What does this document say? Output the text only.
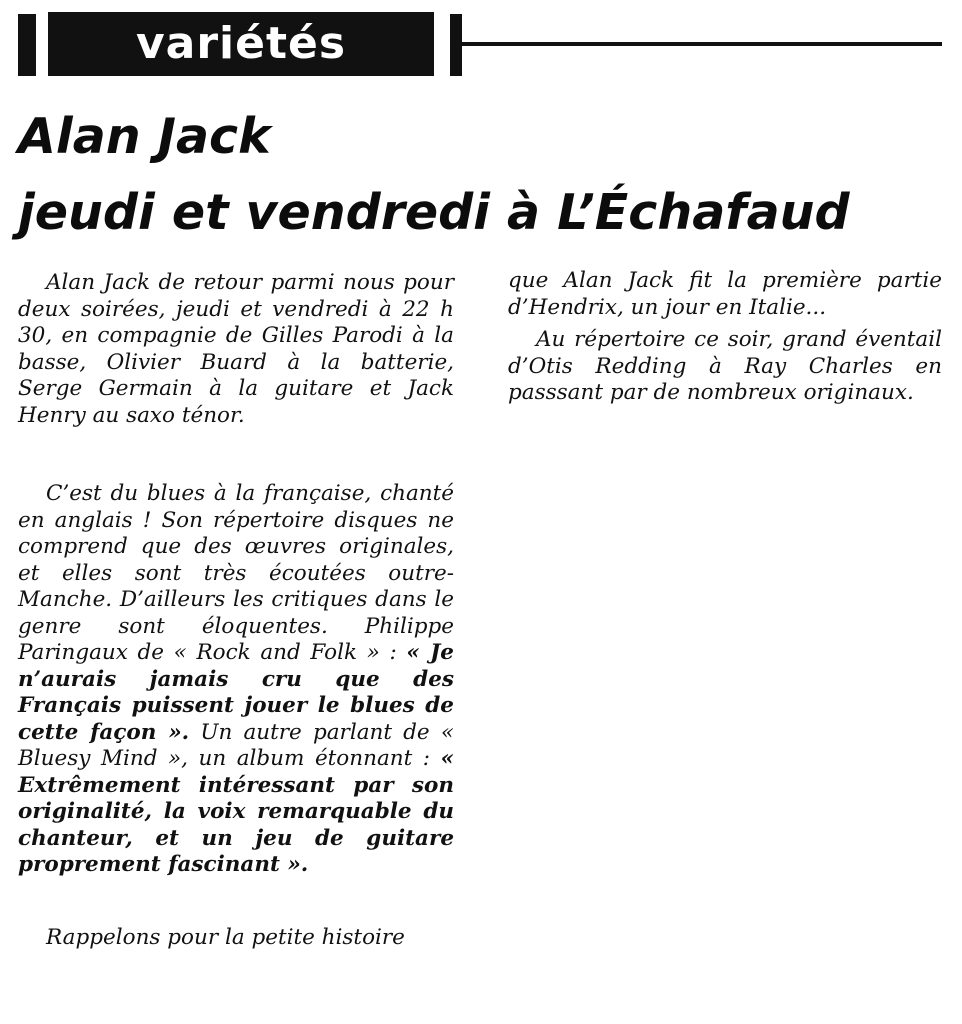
variétés
Alan Jack
jeudi et vendredi à L’Échafaud

Alan Jack de retour parmi nous pour deux soirées, jeudi et vendredi à 22 h 30, en compagnie de Gilles Parodi à la basse, Olivier Buard à la batterie, Serge Germain à la guitare et Jack Henry au saxo ténor.

C’est du blues à la française, chanté en anglais ! Son répertoire disques ne comprend que des œuvres originales, et elles sont très écoutées outre-Manche. D’ailleurs les critiques dans le genre sont éloquentes. Philippe Paringaux de « Rock and Folk » : « Je n’aurais jamais cru que des Français puissent jouer le blues de cette façon ». Un autre parlant de « Bluesy Mind », un album étonnant : « Extrêmement intéressant par son originalité, la voix remarquable du chanteur, et un jeu de guitare proprement fascinant ».

Rappelons pour la petite histoire

que Alan Jack fit la première partie d’Hendrix, un jour en Italie...

Au répertoire ce soir, grand éventail d’Otis Redding à Ray Charles en passsant par de nombreux originaux.
